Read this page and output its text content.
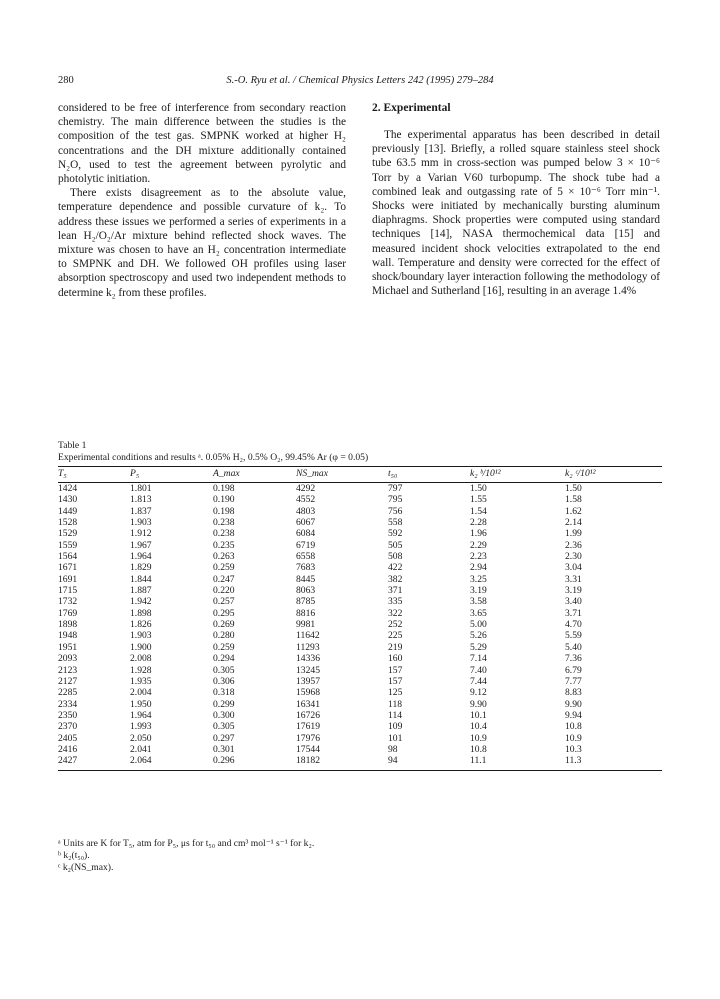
280	S.-O. Ryu et al. / Chemical Physics Letters 242 (1995) 279–284

considered to be free of interference from secondary reaction chemistry. The main difference between the studies is the composition of the test gas. SMPNK worked at higher H₂ concentrations and the DH mixture additionally contained N₂O, used to test the agreement between pyrolytic and photolytic initiation.

There exists disagreement as to the absolute value, temperature dependence and possible curvature of k₂. To address these issues we performed a series of experiments in a lean H₂/O₂/Ar mixture behind reflected shock waves. The mixture was chosen to have an H₂ concentration intermediate to SMPNK and DH. We followed OH profiles using laser absorption spectroscopy and used two independent methods to determine k₂ from these profiles.

2. Experimental

The experimental apparatus has been described in detail previously [13]. Briefly, a rolled square stainless steel shock tube 63.5 mm in cross-section was pumped below 3 × 10⁻⁶ Torr by a Varian V60 turbopump. The shock tube had a combined leak and outgassing rate of 5 × 10⁻⁶ Torr min⁻¹. Shocks were initiated by mechanically bursting aluminum diaphragms. Shock properties were computed using standard techniques [14], NASA thermochemical data [15] and measured incident shock velocities extrapolated to the end wall. Temperature and density were corrected for the effect of shock/boundary layer interaction following the methodology of Michael and Sutherland [16], resulting in an average 1.4%

Table 1
Experimental conditions and results ᵃ. 0.05% H₂, 0.5% O₂, 99.45% Ar (φ = 0.05)
T₅	P₅	A_max	NS_max	t₅₀	k₂ ᵇ/10¹²	k₂ ᶜ/10¹²
1424	1.801	0.198	4292	797	1.50	1.50
1430	1.813	0.190	4552	795	1.55	1.58
1449	1.837	0.198	4803	756	1.54	1.62
1528	1.903	0.238	6067	558	2.28	2.14
1529	1.912	0.238	6084	592	1.96	1.99
1559	1.967	0.235	6719	505	2.29	2.36
1564	1.964	0.263	6558	508	2.23	2.30
1671	1.829	0.259	7683	422	2.94	3.04
1691	1.844	0.247	8445	382	3.25	3.31
1715	1.887	0.220	8063	371	3.19	3.19
1732	1.942	0.257	8785	335	3.58	3.40
1769	1.898	0.295	8816	322	3.65	3.71
1898	1.826	0.269	9981	252	5.00	4.70
1948	1.903	0.280	11642	225	5.26	5.59
1951	1.900	0.259	11293	219	5.29	5.40
2093	2.008	0.294	14336	160	7.14	7.36
2123	1.928	0.305	13245	157	7.40	6.79
2127	1.935	0.306	13957	157	7.44	7.77
2285	2.004	0.318	15968	125	9.12	8.83
2334	1.950	0.299	16341	118	9.90	9.90
2350	1.964	0.300	16726	114	10.1	9.94
2370	1.993	0.305	17619	109	10.4	10.8
2405	2.050	0.297	17976	101	10.9	10.9
2416	2.041	0.301	17544	98	10.8	10.3
2427	2.064	0.296	18182	94	11.1	11.3
ᵃ Units are K for T₅, atm for P₅, μs for t₅₀ and cm³ mol⁻¹ s⁻¹ for k₂.
ᵇ k₂(t₅₀).
ᶜ k₂(NS_max).
